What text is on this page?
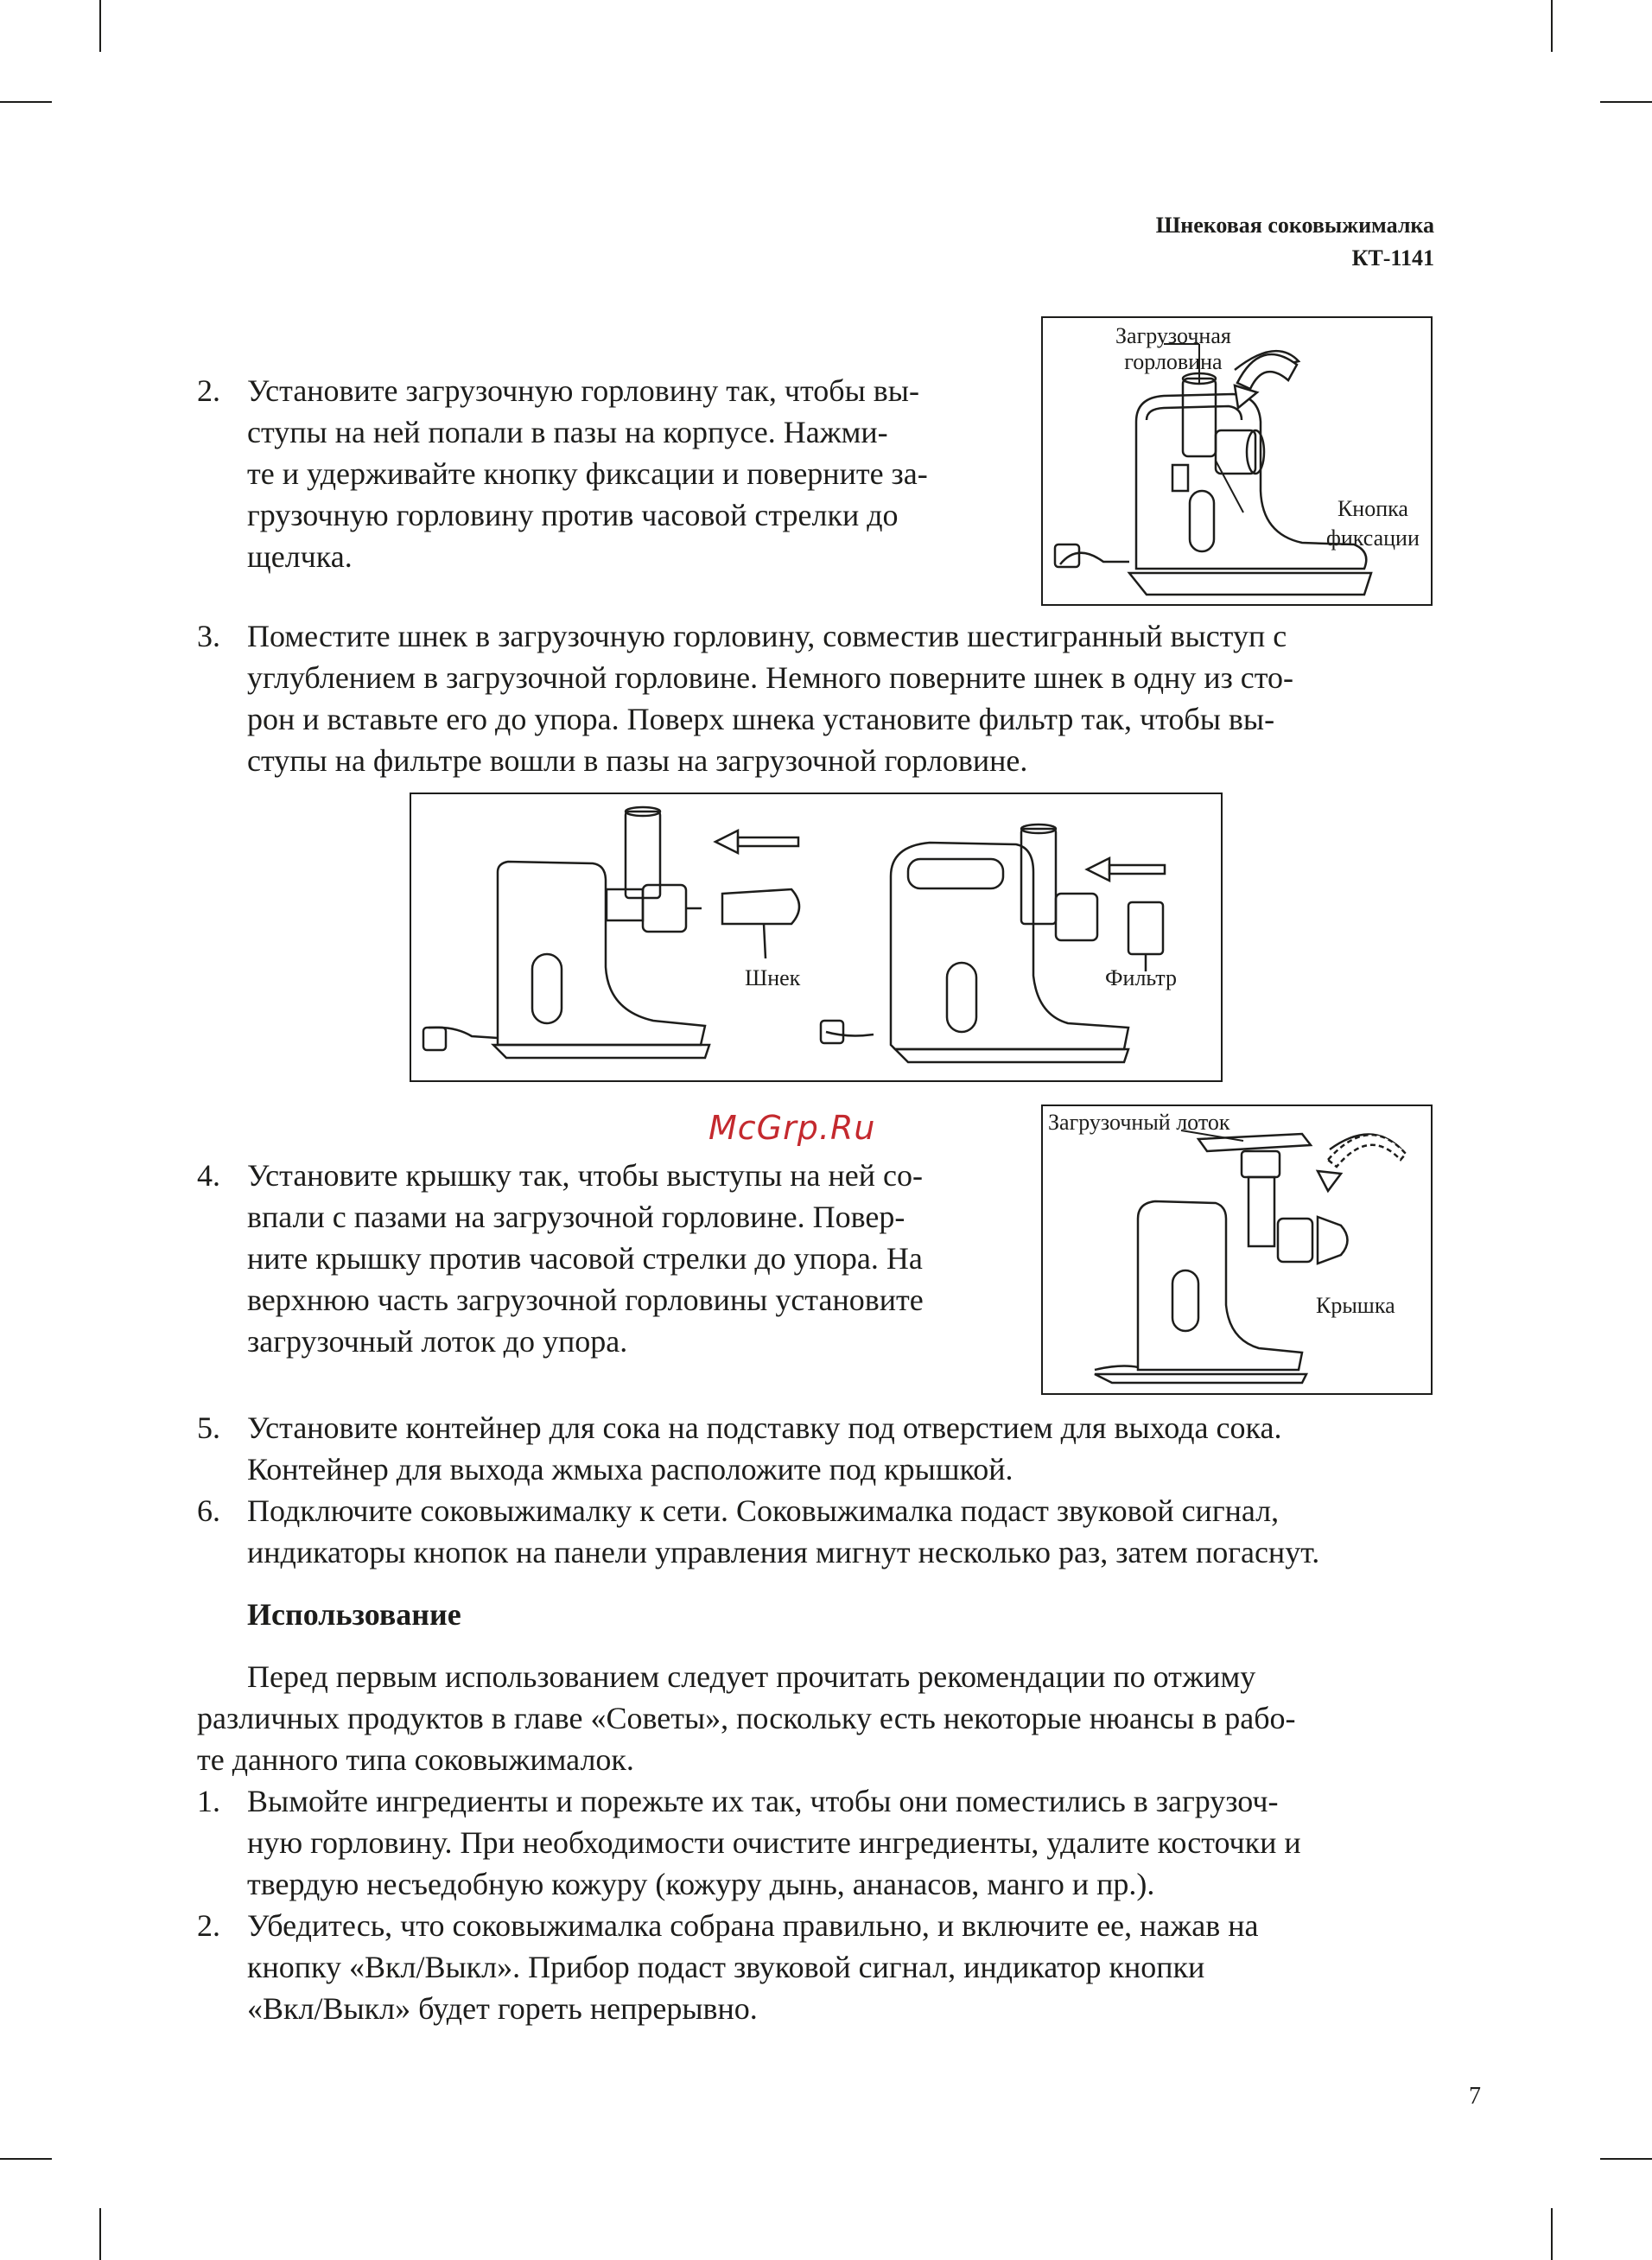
Шнековая соковыжималка
КТ-1141
2. Установите загрузочную горловину так, чтобы вы-
ступы на ней попали в пазы на корпусе. Нажми-
те и удерживайте кнопку фиксации и поверните за-
грузочную горловину против часовой стрелки до
щелчка.
Загрузочная
горловина
Кнопка
фиксации
3. Поместите шнек в загрузочную горловину, совместив шестигранный выступ с
углублением в загрузочной горловине. Немного поверните шнек в одну из сто-
рон и вставьте его до упора. Поверх шнека установите фильтр так, чтобы вы-
ступы на фильтре вошли в пазы на загрузочной горловине.
Шнек	Фильтр
McGrp.Ru
4. Установите крышку так, чтобы выступы на ней со-
впали с пазами на загрузочной горловине. Повер-
ните крышку против часовой стрелки до упора. На
верхнюю часть загрузочной горловины установите
загрузочный лоток до упора.
Загрузочный лоток
Крышка
5. Установите контейнер для сока на подставку под отверстием для выхода сока.
Контейнер для выхода жмыха расположите под крышкой.
6. Подключите соковыжималку к сети. Соковыжималка подаст звуковой сигнал,
индикаторы кнопок на панели управления мигнут несколько раз, затем погаснут.
Использование
Перед первым использованием следует прочитать рекомендации по отжиму
различных продуктов в главе «Советы», поскольку есть некоторые нюансы в рабо-
те данного типа соковыжималок.
1. Вымойте ингредиенты и порежьте их так, чтобы они поместились в загрузоч-
ную горловину. При необходимости очистите ингредиенты, удалите косточки и
твердую несъедобную кожуру (кожуру дынь, ананасов, манго и пр.).
2. Убедитесь, что соковыжималка собрана правильно, и включите ее, нажав на
кнопку «Вкл/Выкл». Прибор подаст звуковой сигнал, индикатор кнопки
«Вкл/Выкл» будет гореть непрерывно.
7
